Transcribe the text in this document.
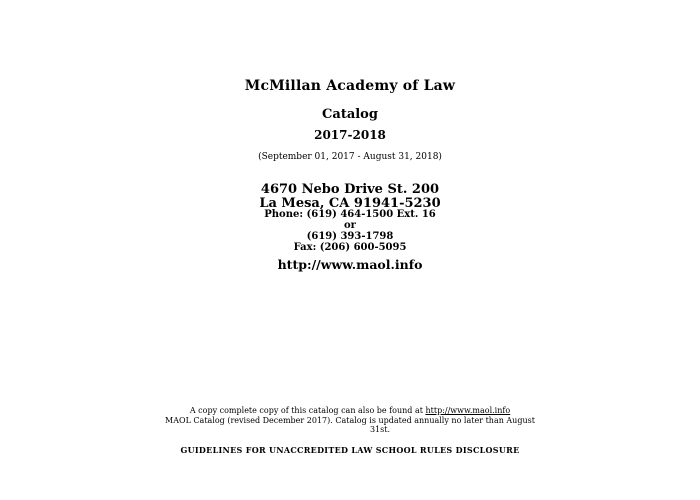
McMillan Academy of Law
Catalog
2017-2018
(September 01, 2017 - August 31, 2018)
4670 Nebo Drive St. 200
La Mesa, CA 91941-5230
Phone: (619) 464-1500 Ext. 16
or
(619) 393-1798
Fax: (206) 600-5095
http://www.maol.info
A copy complete copy of this catalog can also be found at http://www.maol.info
MAOL Catalog (revised December 2017). Catalog is updated annually no later than August
31st.
GUIDELINES FOR UNACCREDITED LAW SCHOOL RULES DISCLOSURE
